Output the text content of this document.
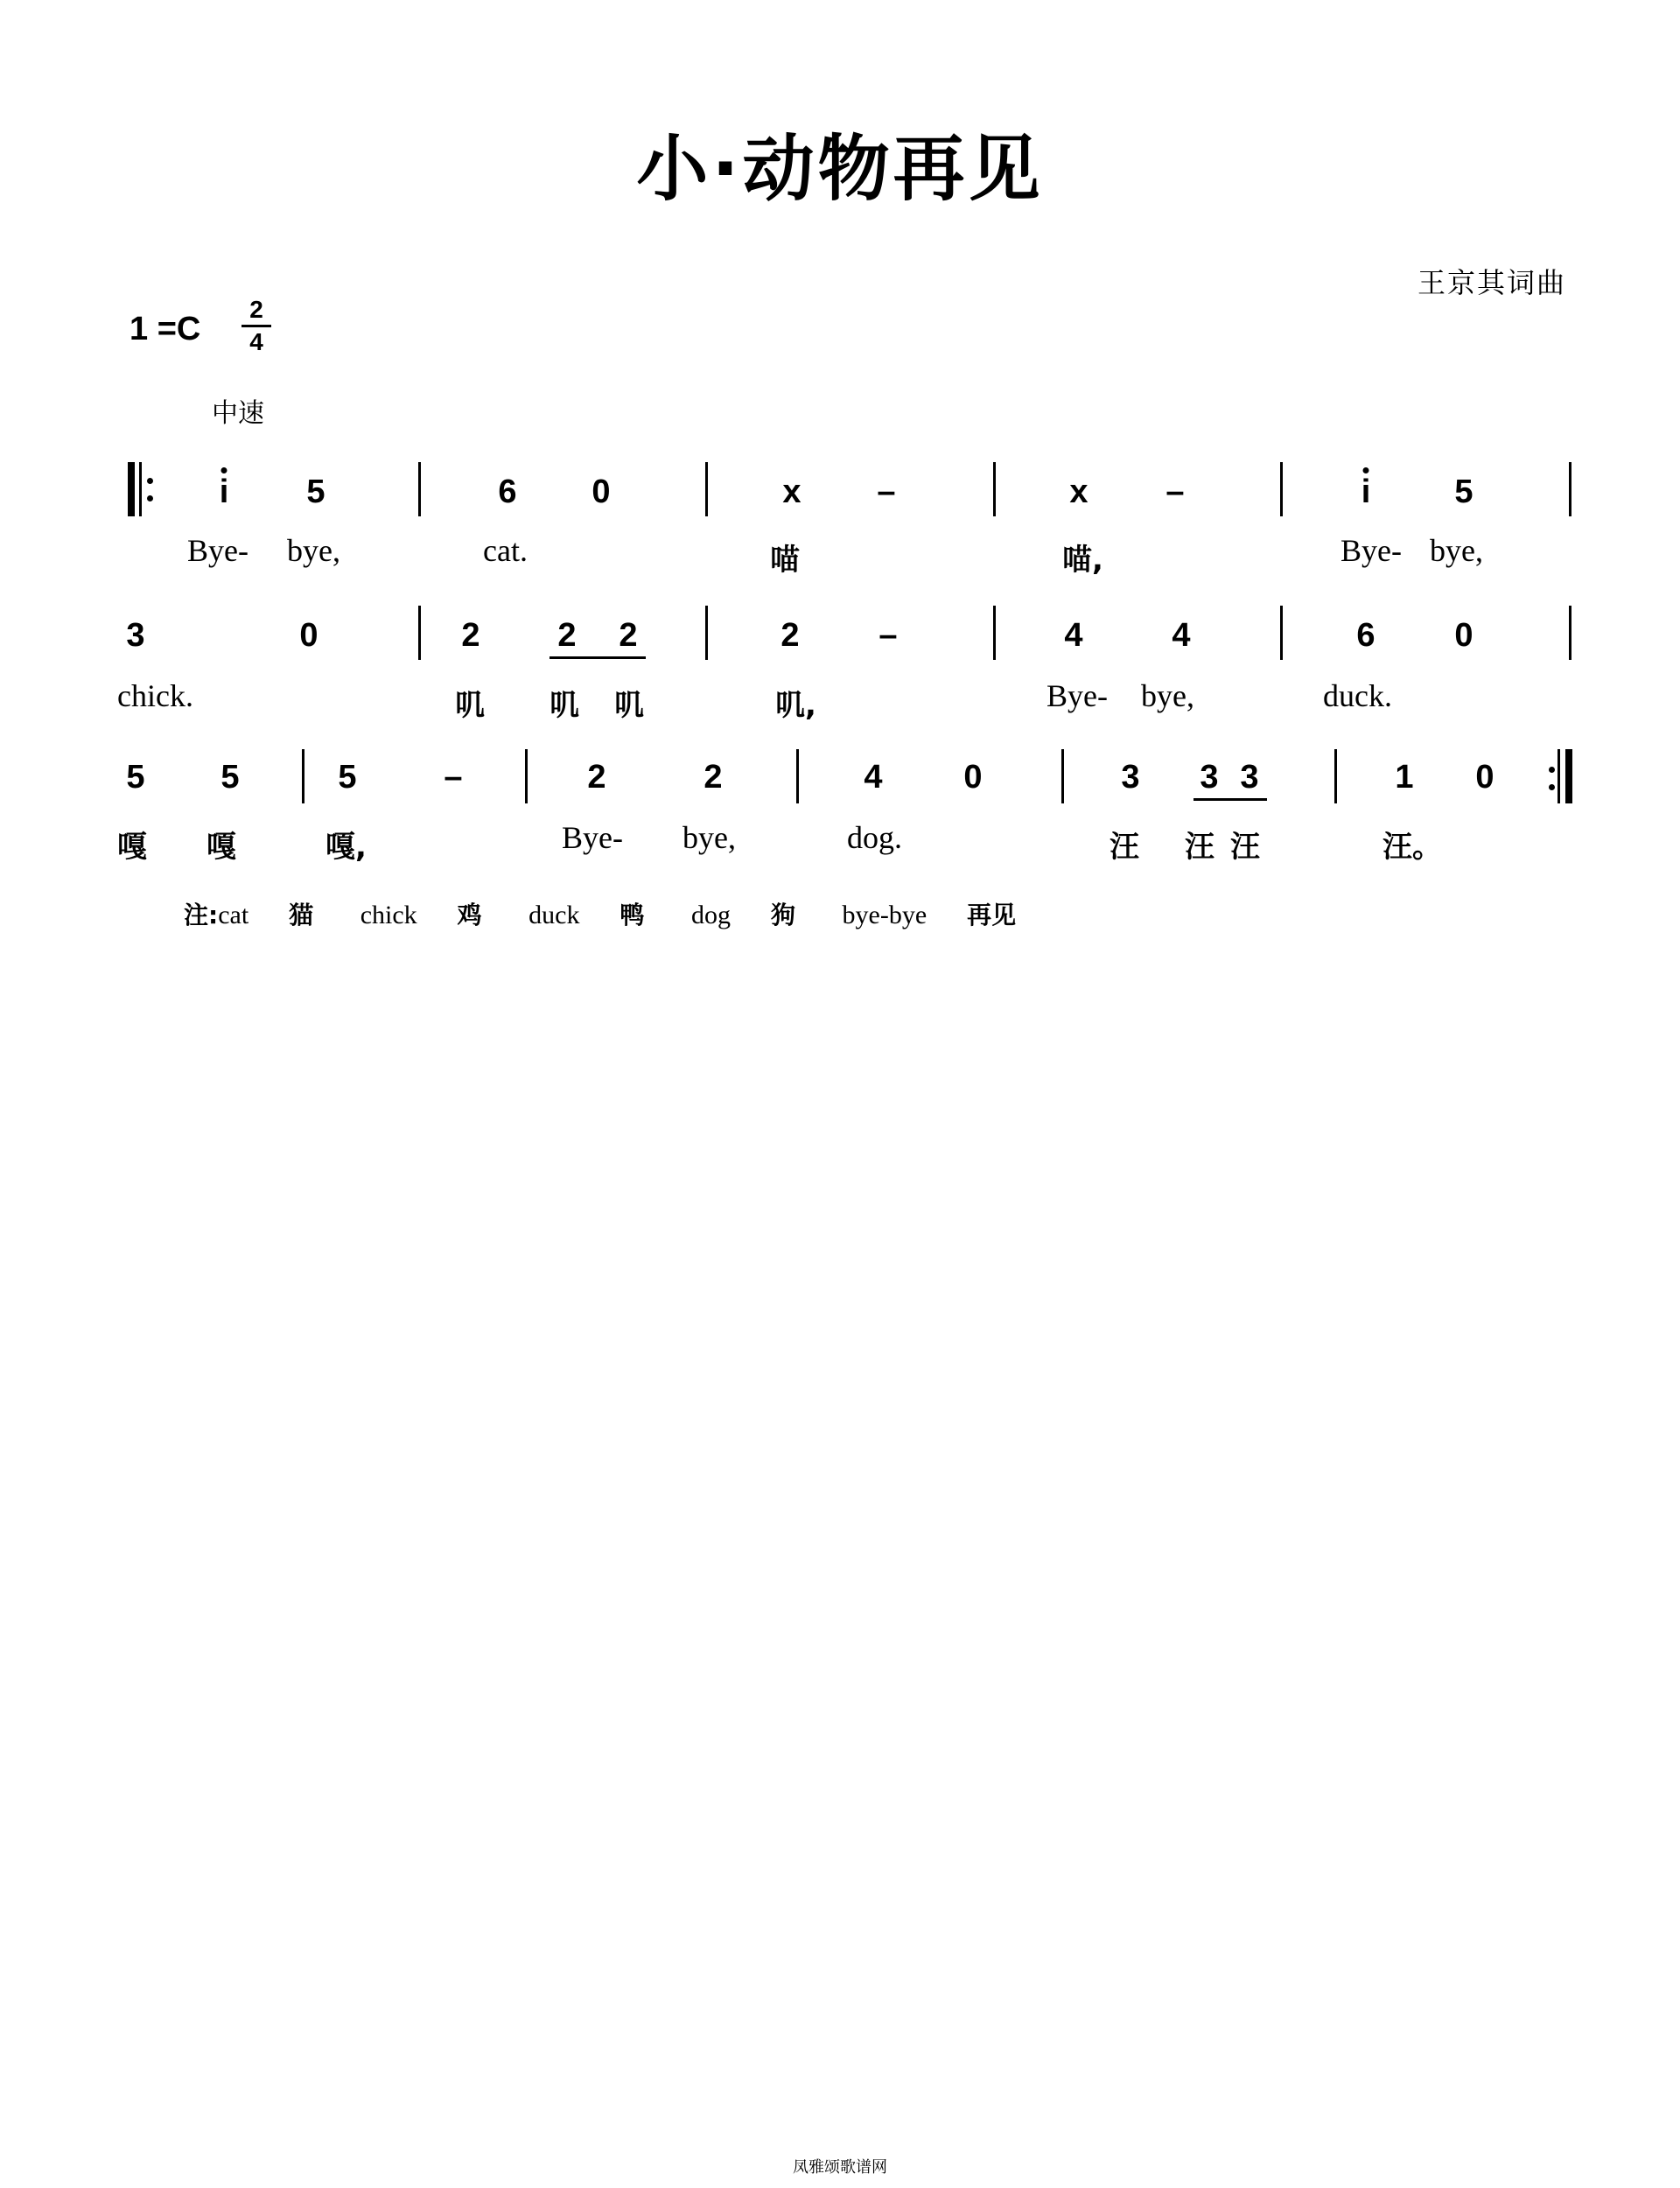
小·动物再见
王京其词曲
1 =C
2
4
中速
i	5	6	0	x	–	x	–	i	5
Bye- bye,	cat.	喵	喵,	Bye- bye,
3	0	2	2	2	2	–	4	4	6	0
chick.	叽 叽 叽	叽,	Bye- bye,	duck.
5	5	5	–	2	2	4	0	3	3 3	1	0
嘎 嘎	嘎,	Bye- bye,	dog.	汪 汪 汪	汪。
注:cat 猫 chick 鸡 duck 鸭 dog 狗 bye-bye 再见
凤雅颂歌谱网
